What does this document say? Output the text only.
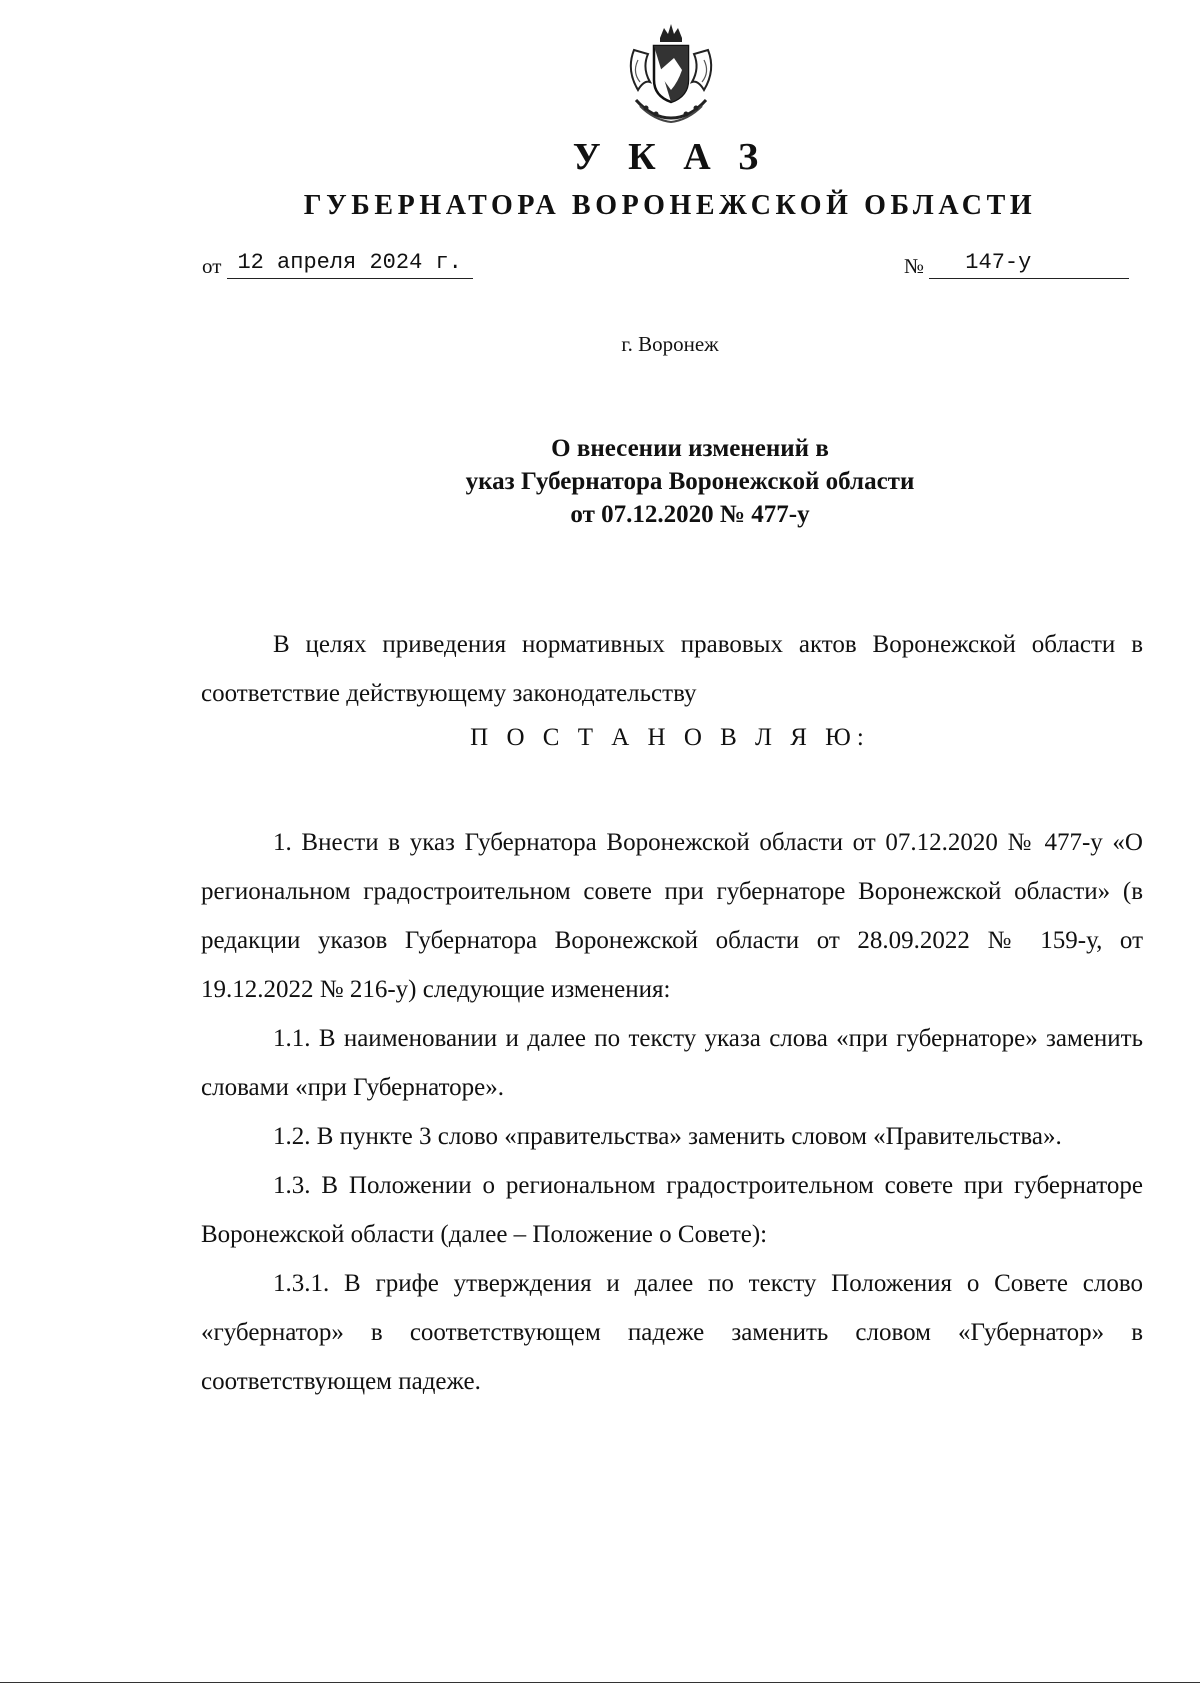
У К А З
ГУБЕРНАТОРА ВОРОНЕЖСКОЙ ОБЛАСТИ
от 12 апреля 2024 г.	№ 147-у
г. Воронеж
О внесении изменений в
указ Губернатора Воронежской области
от 07.12.2020 № 477-у

В целях приведения нормативных правовых актов Воронежской области в соответствие действующему законодательству

П О С Т А Н О В Л Я Ю:

1. Внести в указ Губернатора Воронежской области от 07.12.2020 № 477-у «О региональном градостроительном совете при губернаторе Воронежской области» (в редакции указов Губернатора Воронежской области от 28.09.2022 № 159-у, от 19.12.2022 № 216-у) следующие изменения:

1.1. В наименовании и далее по тексту указа слова «при губернаторе» заменить словами «при Губернаторе».

1.2. В пункте 3 слово «правительства» заменить словом «Правительства».

1.3. В Положении о региональном градостроительном совете при губернаторе Воронежской области (далее – Положение о Совете):

1.3.1. В грифе утверждения и далее по тексту Положения о Совете слово «губернатор» в соответствующем падеже заменить словом «Губернатор» в соответствующем падеже.
